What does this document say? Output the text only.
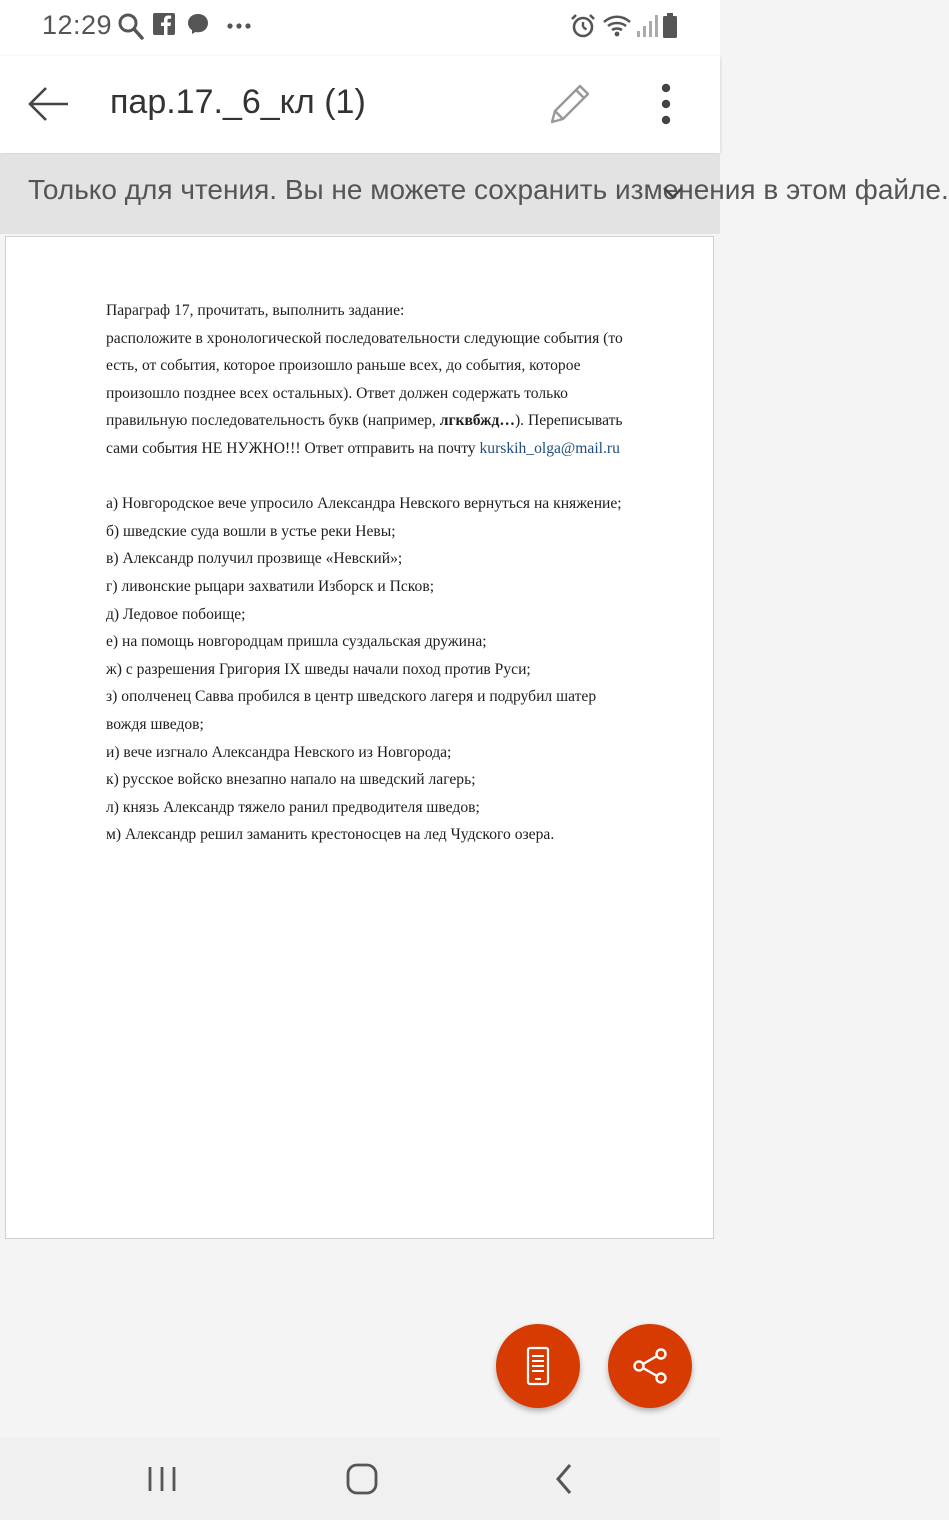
12:29
пар.17._6_кл (1)
Только для чтения. Вы не можете сохранить изменения в этом файле.

Параграф 17, прочитать, выполнить задание:

расположите в хронологической последовательности следующие события (то

есть, от события, которое произошло раньше всех, до события, которое

произошло позднее всех остальных). Ответ должен содержать только

правильную последовательность букв (например, лгквбжд…). Переписывать

сами события НЕ НУЖНО!!! Ответ отправить на почту kurskih_olga@mail.ru

а) Новгородское вече упросило Александра Невского вернуться на княжение;

б) шведские суда вошли в устье реки Невы;

в) Александр получил прозвище «Невский»;

г) ливонские рыцари захватили Изборск и Псков;

д) Ледовое побоище;

е) на помощь новгородцам пришла суздальская дружина;

ж) с разрешения Григория IX шведы начали поход против Руси;

з) ополченец Савва пробился в центр шведского лагеря и подрубил шатер

вождя шведов;

и) вече изгнало Александра Невского из Новгорода;

к) русское войско внезапно напало на шведский лагерь;

л) князь Александр тяжело ранил предводителя шведов;

м) Александр решил заманить крестоносцев на лед Чудского озера.
